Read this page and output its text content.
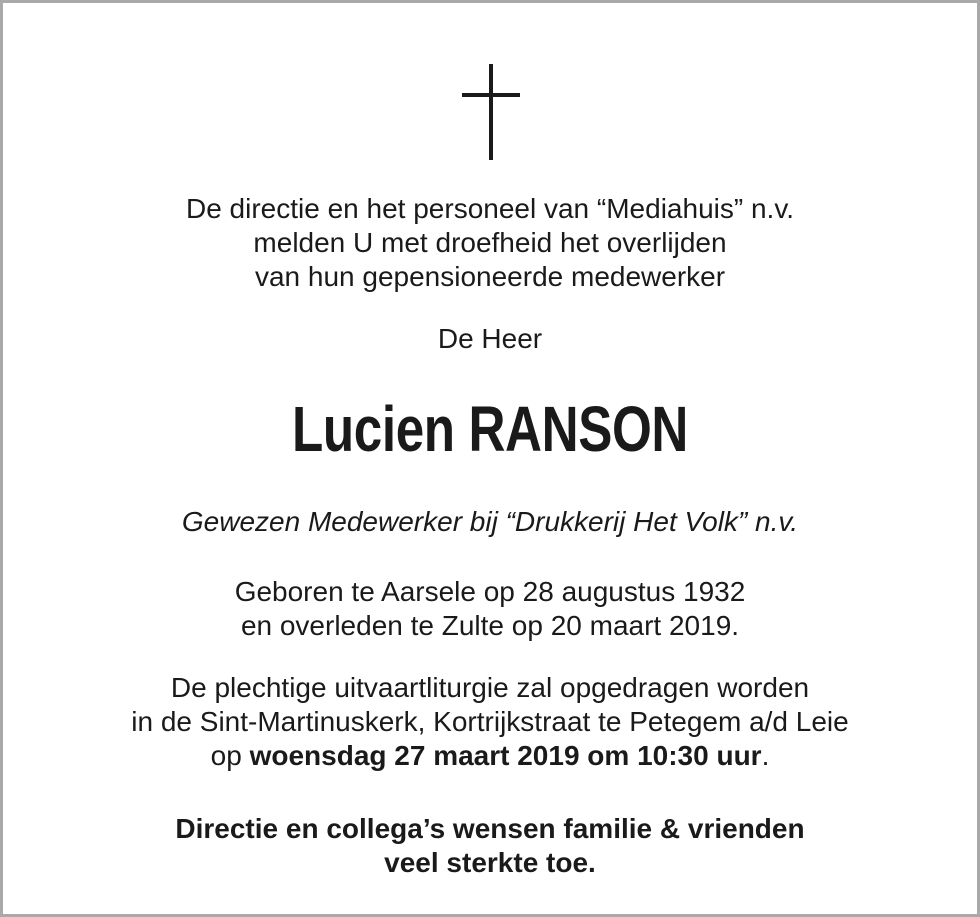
De directie en het personeel van “Mediahuis” n.v.
melden U met droefheid het overlijden
van hun gepensioneerde medewerker
De Heer
Lucien RANSON
Gewezen Medewerker bij “Drukkerij Het Volk” n.v.
Geboren te Aarsele op 28 augustus 1932
en overleden te Zulte op 20 maart 2019.
De plechtige uitvaartliturgie zal opgedragen worden
in de Sint-Martinuskerk, Kortrijkstraat te Petegem a/d Leie
op woensdag 27 maart 2019 om 10:30 uur.
Directie en collega’s wensen familie & vrienden
veel sterkte toe.
